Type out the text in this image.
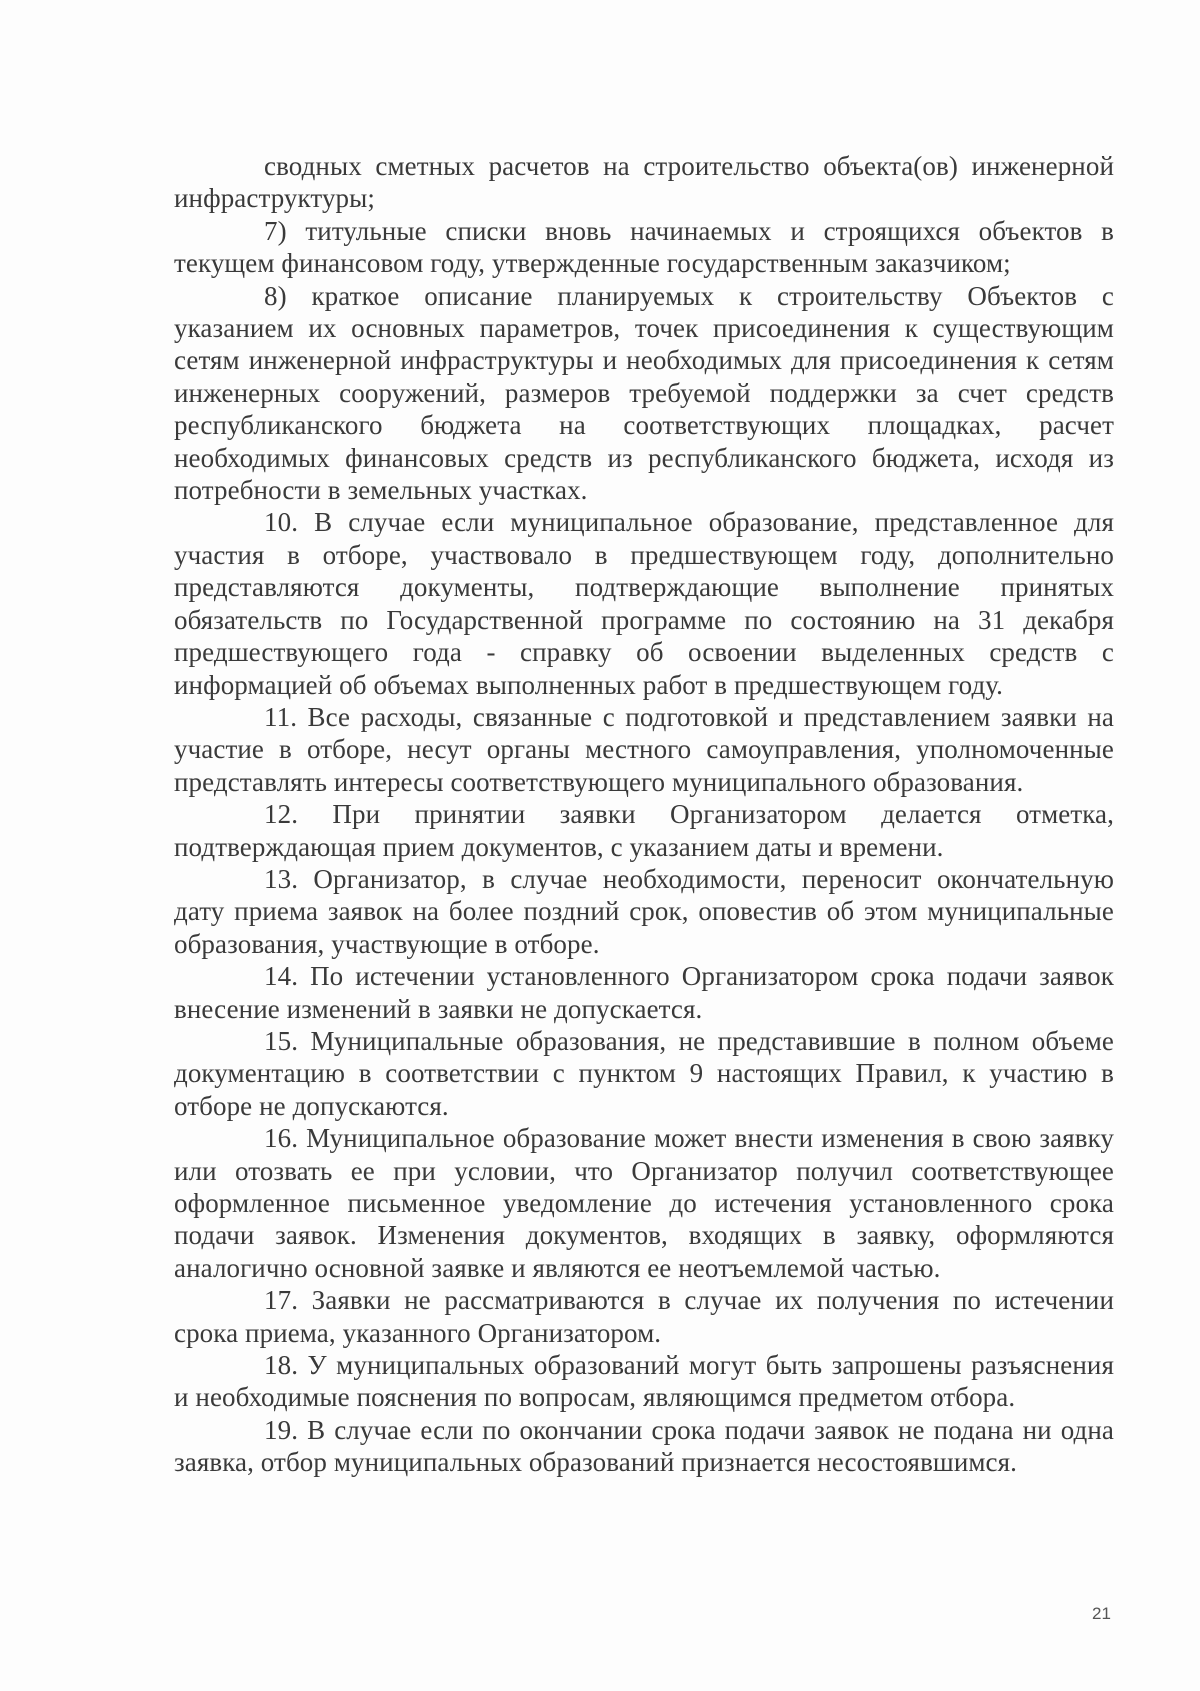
сводных сметных расчетов на строительство объекта(ов) инженерной инфраструктуры;

7) титульные списки вновь начинаемых и строящихся объектов в текущем финансовом году, утвержденные государственным заказчиком;

8) краткое описание планируемых к строительству Объектов с указанием их основных параметров, точек присоединения к существующим сетям инженерной инфраструктуры и необходимых для присоединения к сетям инженерных сооружений, размеров требуемой поддержки за счет средств республиканского бюджета на соответствующих площадках, расчет необходимых финансовых средств из республиканского бюджета, исходя из потребности в земельных участках.

10. В случае если муниципальное образование, представленное для участия в отборе, участвовало в предшествующем году, дополнительно представляются документы, подтверждающие выполнение принятых обязательств по Государственной программе по состоянию на 31 декабря предшествующего года - справку об освоении выделенных средств с информацией об объемах выполненных работ в предшествующем году.

11. Все расходы, связанные с подготовкой и представлением заявки на участие в отборе, несут органы местного самоуправления, уполномоченные представлять интересы соответствующего муниципального образования.

12. При принятии заявки Организатором делается отметка, подтверждающая прием документов, с указанием даты и времени.

13. Организатор, в случае необходимости, переносит окончательную дату приема заявок на более поздний срок, оповестив об этом муниципальные образования, участвующие в отборе.

14. По истечении установленного Организатором срока подачи заявок внесение изменений в заявки не допускается.

15. Муниципальные образования, не представившие в полном объеме документацию в соответствии с пунктом 9 настоящих Правил, к участию в отборе не допускаются.

16. Муниципальное образование может внести изменения в свою заявку или отозвать ее при условии, что Организатор получил соответствующее оформленное письменное уведомление до истечения установленного срока подачи заявок. Изменения документов, входящих в заявку, оформляются аналогично основной заявке и являются ее неотъемлемой частью.

17. Заявки не рассматриваются в случае их получения по истечении срока приема, указанного Организатором.

18. У муниципальных образований могут быть запрошены разъяснения и необходимые пояснения по вопросам, являющимся предметом отбора.

19. В случае если по окончании срока подачи заявок не подана ни одна заявка, отбор муниципальных образований признается несостоявшимся.

21
